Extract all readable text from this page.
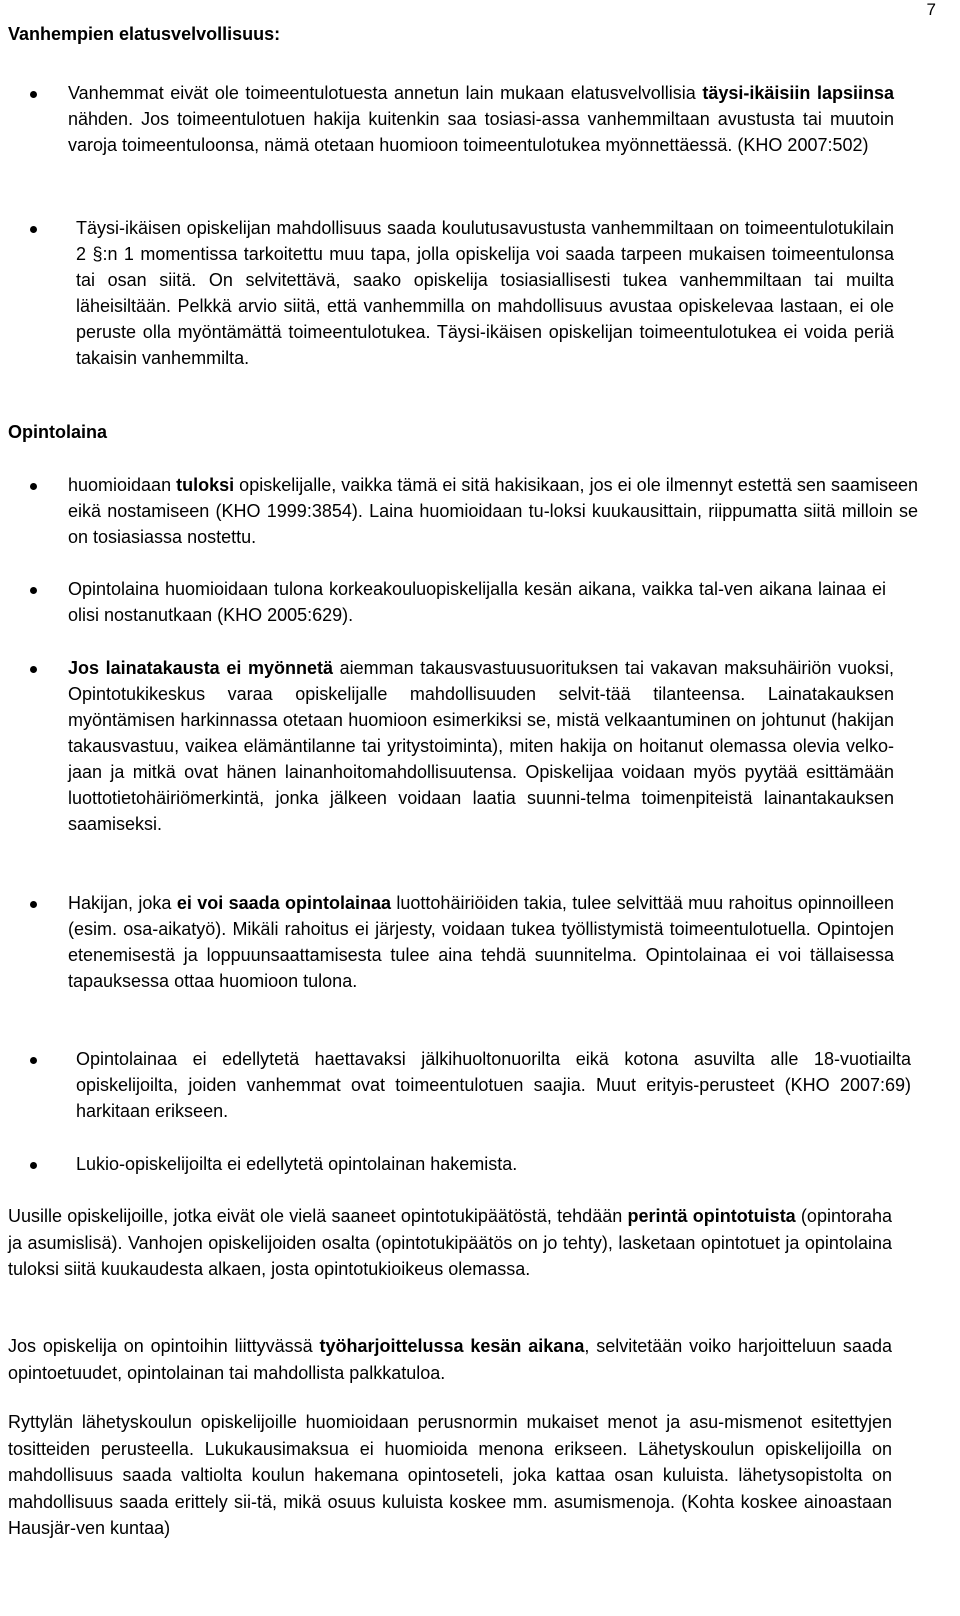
7
Vanhempien elatusvelvollisuus:
Vanhemmat eivät ole toimeentulotuesta annetun lain mukaan elatusvelvollisia täysi-ikäisiin lapsiinsa nähden. Jos toimeentulotuen hakija kuitenkin saa tosiasi-assa vanhemmiltaan avustusta tai muutoin varoja toimeentuloonsa, nämä otetaan huomioon toimeentulotukea myönnettäessä. (KHO 2007:502)
Täysi-ikäisen opiskelijan mahdollisuus saada koulutusavustusta vanhemmiltaan on toimeentulotukilain 2 §:n 1 momentissa tarkoitettu muu tapa, jolla opiskelija voi saada tarpeen mukaisen toimeentulonsa tai osan siitä. On selvitettävä, saako opiskelija tosiasiallisesti tukea vanhemmiltaan tai muilta läheisiltään. Pelkkä arvio siitä, että vanhemmilla on mahdollisuus avustaa opiskelevaa lastaan, ei ole peruste olla myöntämättä toimeentulotukea. Täysi-ikäisen opiskelijan toimeentulotukea ei voida periä takaisin vanhemmilta.
Opintolaina
huomioidaan tuloksi opiskelijalle, vaikka tämä ei sitä hakisikaan, jos ei ole ilmennyt estettä sen saamiseen eikä nostamiseen (KHO 1999:3854). Laina huomioidaan tu-loksi kuukausittain, riippumatta siitä milloin se on tosiasiassa nostettu.
Opintolaina huomioidaan tulona korkeakouluopiskelijalla kesän aikana, vaikka tal-ven aikana lainaa ei olisi nostanutkaan (KHO 2005:629).
Jos lainatakausta ei myönnetä aiemman takausvastuusuorituksen tai vakavan maksuhäiriön vuoksi, Opintotukikeskus varaa opiskelijalle mahdollisuuden selvit-tää tilanteensa. Lainatakauksen myöntämisen harkinnassa otetaan huomioon esimerkiksi se, mistä velkaantuminen on johtunut (hakijan takausvastuu, vaikea elämäntilanne tai yritystoiminta), miten hakija on hoitanut olemassa olevia velko-jaan ja mitkä ovat hänen lainanhoitomahdollisuutensa. Opiskelijaa voidaan myös pyytää esittämään luottotietohäiriömerkintä, jonka jälkeen voidaan laatia suunni-telma toimenpiteistä lainantakauksen saamiseksi.
Hakijan, joka ei voi saada opintolainaa luottohäiriöiden takia, tulee selvittää muu rahoitus opinnoilleen (esim. osa-aikatyö). Mikäli rahoitus ei järjesty, voidaan tukea työllistymistä toimeentulotuella. Opintojen etenemisestä ja loppuunsaattamisesta tulee aina tehdä suunnitelma. Opintolainaa ei voi tällaisessa tapauksessa ottaa huomioon tulona.
Opintolainaa ei edellytetä haettavaksi jälkihuoltonuorilta eikä kotona asuvilta alle 18-vuotiailta opiskelijoilta, joiden vanhemmat ovat toimeentulotuen saajia. Muut erityis-perusteet (KHO 2007:69) harkitaan erikseen.
Lukio-opiskelijoilta ei edellytetä opintolainan hakemista.

Uusille opiskelijoille, jotka eivät ole vielä saaneet opintotukipäätöstä, tehdään perintä opintotuista (opintoraha ja asumislisä). Vanhojen opiskelijoiden osalta (opintotukipäätös on jo tehty), lasketaan opintotuet ja opintolaina tuloksi siitä kuukaudesta alkaen, josta opintotukioikeus olemassa.

Jos opiskelija on opintoihin liittyvässä työharjoittelussa kesän aikana, selvitetään voiko harjoitteluun saada opintoetuudet, opintolainan tai mahdollista palkkatuloa.

Ryttylän lähetyskoulun opiskelijoille huomioidaan perusnormin mukaiset menot ja asu-mismenot esitettyjen tositteiden perusteella. Lukukausimaksua ei huomioida menona erikseen. Lähetyskoulun opiskelijoilla on mahdollisuus saada valtiolta koulun hakemana opintoseteli, joka kattaa osan kuluista. lähetysopistolta on mahdollisuus saada erittely sii-tä, mikä osuus kuluista koskee mm. asumismenoja. (Kohta koskee ainoastaan Hausjär-ven kuntaa)
